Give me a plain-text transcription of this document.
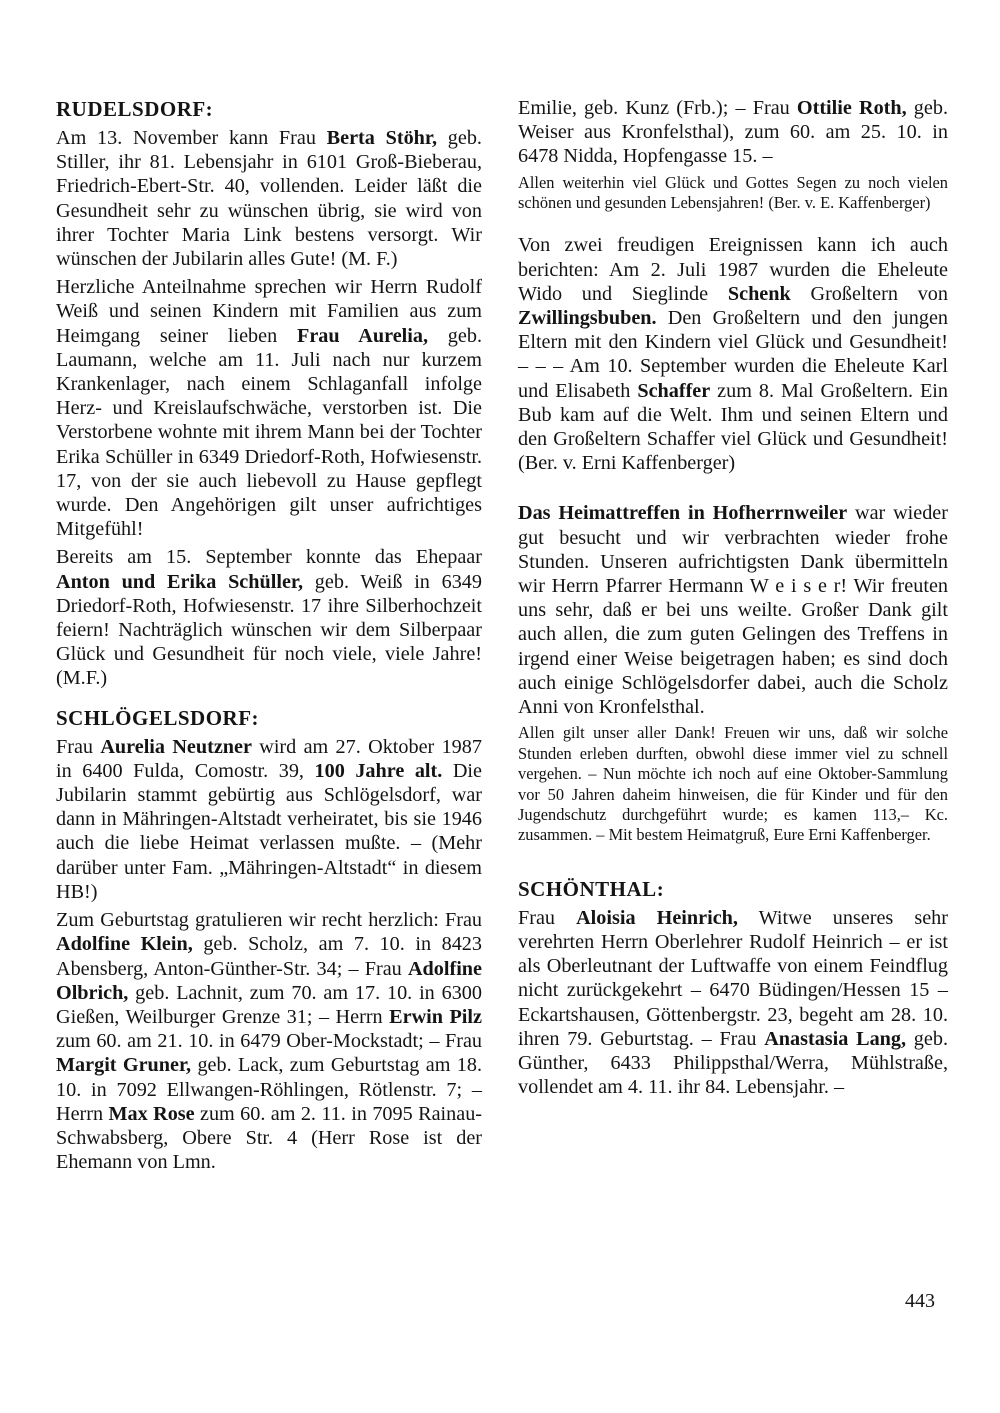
RUDELSDORF:

Am 13. November kann Frau Berta Stöhr, geb. Stiller, ihr 81. Lebensjahr in 6101 Groß-Bieberau, Friedrich-Ebert-Str. 40, vollenden. Leider läßt die Gesundheit sehr zu wünschen übrig, sie wird von ihrer Tochter Maria Link bestens versorgt. Wir wünschen der Jubilarin alles Gute! (M. F.)

Herzliche Anteilnahme sprechen wir Herrn Rudolf Weiß und seinen Kindern mit Familien aus zum Heimgang seiner lieben Frau Aurelia, geb. Laumann, welche am 11. Juli nach nur kurzem Krankenlager, nach einem Schlaganfall infolge Herz- und Kreislaufschwäche, verstorben ist. Die Verstorbene wohnte mit ihrem Mann bei der Tochter Erika Schüller in 6349 Driedorf-Roth, Hofwiesenstr. 17, von der sie auch liebevoll zu Hause gepflegt wurde. Den Angehörigen gilt unser aufrichtiges Mitgefühl!

Bereits am 15. September konnte das Ehepaar Anton und Erika Schüller, geb. Weiß in 6349 Driedorf-Roth, Hofwiesenstr. 17 ihre Silberhochzeit feiern! Nachträglich wünschen wir dem Silberpaar Glück und Gesundheit für noch viele, viele Jahre! (M.F.)

SCHLÖGELSDORF:

Frau Aurelia Neutzner wird am 27. Oktober 1987 in 6400 Fulda, Comostr. 39, 100 Jahre alt. Die Jubilarin stammt gebürtig aus Schlögelsdorf, war dann in Mähringen-Altstadt verheiratet, bis sie 1946 auch die liebe Heimat verlassen mußte. – (Mehr darüber unter Fam. „Mähringen-Altstadt“ in diesem HB!)

Zum Geburtstag gratulieren wir recht herzlich: Frau Adolfine Klein, geb. Scholz, am 7. 10. in 8423 Abensberg, Anton-Günther-Str. 34; – Frau Adolfine Olbrich, geb. Lachnit, zum 70. am 17. 10. in 6300 Gießen, Weilburger Grenze 31; – Herrn Erwin Pilz zum 60. am 21. 10. in 6479 Ober-Mockstadt; – Frau Margit Gruner, geb. Lack, zum Geburtstag am 18. 10. in 7092 Ellwangen-Röhlingen, Rötlenstr. 7; – Herrn Max Rose zum 60. am 2. 11. in 7095 Rainau-Schwabsberg, Obere Str. 4 (Herr Rose ist der Ehemann von Lmn.

Emilie, geb. Kunz (Frb.); – Frau Ottilie Roth, geb. Weiser aus Kronfelsthal), zum 60. am 25. 10. in 6478 Nidda, Hopfengasse 15. –

Allen weiterhin viel Glück und Gottes Segen zu noch vielen schönen und gesunden Lebensjahren! (Ber. v. E. Kaffenberger)

Von zwei freudigen Ereignissen kann ich auch berichten: Am 2. Juli 1987 wurden die Eheleute Wido und Sieglinde Schenk Großeltern von Zwillingsbuben. Den Großeltern und den jungen Eltern mit den Kindern viel Glück und Gesundheit! – – – Am 10. September wurden die Eheleute Karl und Elisabeth Schaffer zum 8. Mal Großeltern. Ein Bub kam auf die Welt. Ihm und seinen Eltern und den Großeltern Schaffer viel Glück und Gesundheit! (Ber. v. Erni Kaffenberger)

Das Heimattreffen in Hofherrnweiler war wieder gut besucht und wir verbrachten wieder frohe Stunden. Unseren aufrichtigsten Dank übermitteln wir Herrn Pfarrer Hermann W e i s e r! Wir freuten uns sehr, daß er bei uns weilte. Großer Dank gilt auch allen, die zum guten Gelingen des Treffens in irgend einer Weise beigetragen haben; es sind doch auch einige Schlögelsdorfer dabei, auch die Scholz Anni von Kronfelsthal.

Allen gilt unser aller Dank! Freuen wir uns, daß wir solche Stunden erleben durften, obwohl diese immer viel zu schnell vergehen. – Nun möchte ich noch auf eine Oktober-Sammlung vor 50 Jahren daheim hinweisen, die für Kinder und für den Jugendschutz durchgeführt wurde; es kamen 113,– Kc. zusammen. – Mit bestem Heimatgruß, Eure Erni Kaffenberger.

SCHÖNTHAL:

Frau Aloisia Heinrich, Witwe unseres sehr verehrten Herrn Oberlehrer Rudolf Heinrich – er ist als Oberleutnant der Luftwaffe von einem Feindflug nicht zurückgekehrt – 6470 Büdingen/Hessen 15 – Eckartshausen, Göttenbergstr. 23, begeht am 28. 10. ihren 79. Geburtstag. – Frau Anastasia Lang, geb. Günther, 6433 Philippsthal/Werra, Mühlstraße, vollendet am 4. 11. ihr 84. Lebensjahr. –

443
